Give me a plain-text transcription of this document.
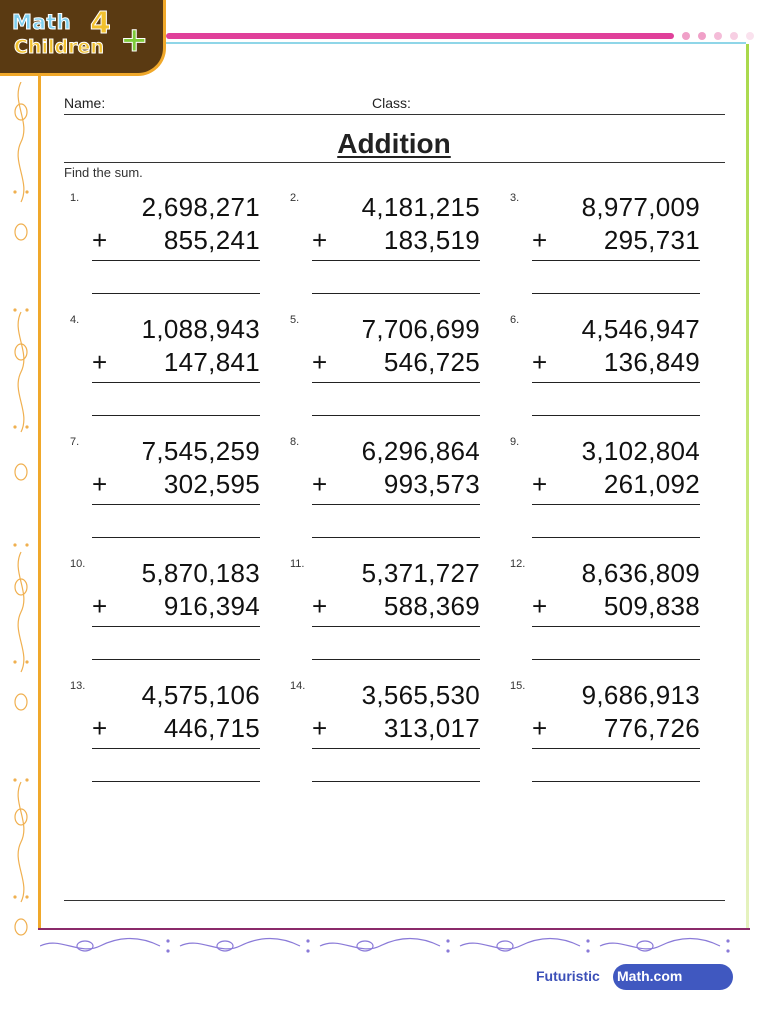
Math 4 +
Children
Name:	Class:
Addition
Find the sum.
1. 2,698,271
+ 855,241
2. 4,181,215
+ 183,519
3. 8,977,009
+ 295,731
4. 1,088,943
+ 147,841
5. 7,706,699
+ 546,725
6. 4,546,947
+ 136,849
7. 7,545,259
+ 302,595
8. 6,296,864
+ 993,573
9. 3,102,804
+ 261,092
10. 5,870,183
+ 916,394
11. 5,371,727
+ 588,369
12. 8,636,809
+ 509,838
13. 4,575,106
+ 446,715
14. 3,565,530
+ 313,017
15. 9,686,913
+ 776,726
Futuristic Math.com
